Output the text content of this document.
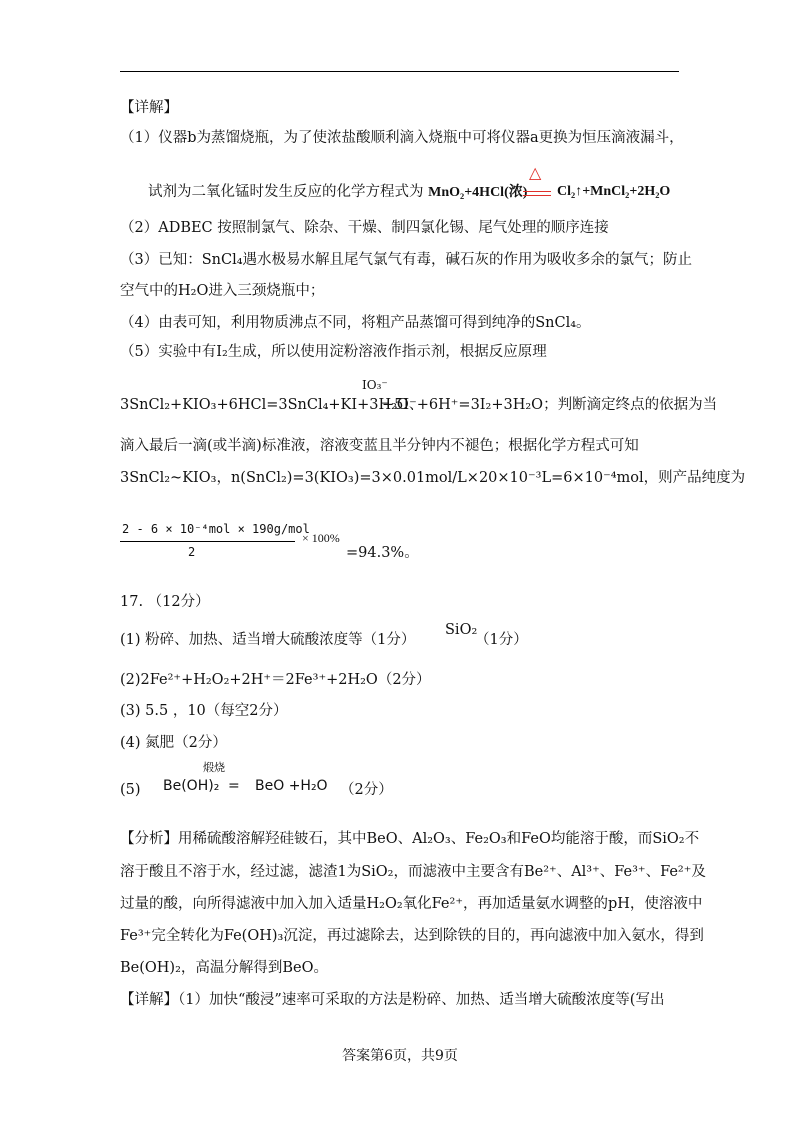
【详解】
（1）仪器b为蒸馏烧瓶，为了使浓盐酸顺利滴入烧瓶中可将仪器a更换为恒压滴液漏斗，
试剂为二氧化锰时发生反应的化学方程式为 MnO₂+4HCl(浓)
△
Cl₂↑+MnCl₂+2H₂O
（2）ADBEC 按照制氯气、除杂、干燥、制四氯化锡、尾气处理的顺序连接
（3）已知：SnCl₄遇水极易水解且尾气氯气有毒，碱石灰的作用为吸收多余的氯气；防止
空气中的H₂O进入三颈烧瓶中；
（4）由表可知，利用物质沸点不同，将粗产品蒸馏可得到纯净的SnCl₄。
（5）实验中有I₂生成，所以使用淀粉溶液作指示剂，根据反应原理
3SnCl₂+KIO₃+6HCl=3SnCl₄+KI+3H₂O、
IO₃⁻
+5I⁻+6H⁺=3I₂+3H₂O；判断滴定终点的依据为当
滴入最后一滴(或半滴)标准液，溶液变蓝且半分钟内不褪色；根据化学方程式可知
3SnCl₂~KIO₃，n(SnCl₂)=3(KIO₃)=3×0.01mol/L×20×10⁻³L=6×10⁻⁴mol，则产品纯度为
2 - 6 × 10⁻⁴mol × 190g/mol
2
× 100%
=94.3%。
17. （12分）
(1) 粉碎、加热、适当增大硫酸浓度等（1分）
SiO₂
（1分）
(2)2Fe²⁺+H₂O₂+2H⁺＝2Fe³⁺+2H₂O（2分）
(3) 5.5 ，10（每空2分）
(4) 氮肥（2分）
(5)
煅烧
Be(OH)₂ = BeO +H₂O （2分）
【分析】用稀硫酸溶解羟硅铍石，其中BeO、Al₂O₃、Fe₂O₃和FeO均能溶于酸，而SiO₂不
溶于酸且不溶于水，经过滤，滤渣1为SiO₂，而滤液中主要含有Be²⁺、Al³⁺、Fe³⁺、Fe²⁺及
过量的酸，向所得滤液中加入加入适量H₂O₂氧化Fe²⁺，再加适量氨水调整的pH，使溶液中
Fe³⁺完全转化为Fe(OH)₃沉淀，再过滤除去，达到除铁的目的，再向滤液中加入氨水，得到
Be(OH)₂，高温分解得到BeO。
【详解】（1）加快“酸浸”速率可采取的方法是粉碎、加热、适当增大硫酸浓度等(写出
答案第6页，共9页
